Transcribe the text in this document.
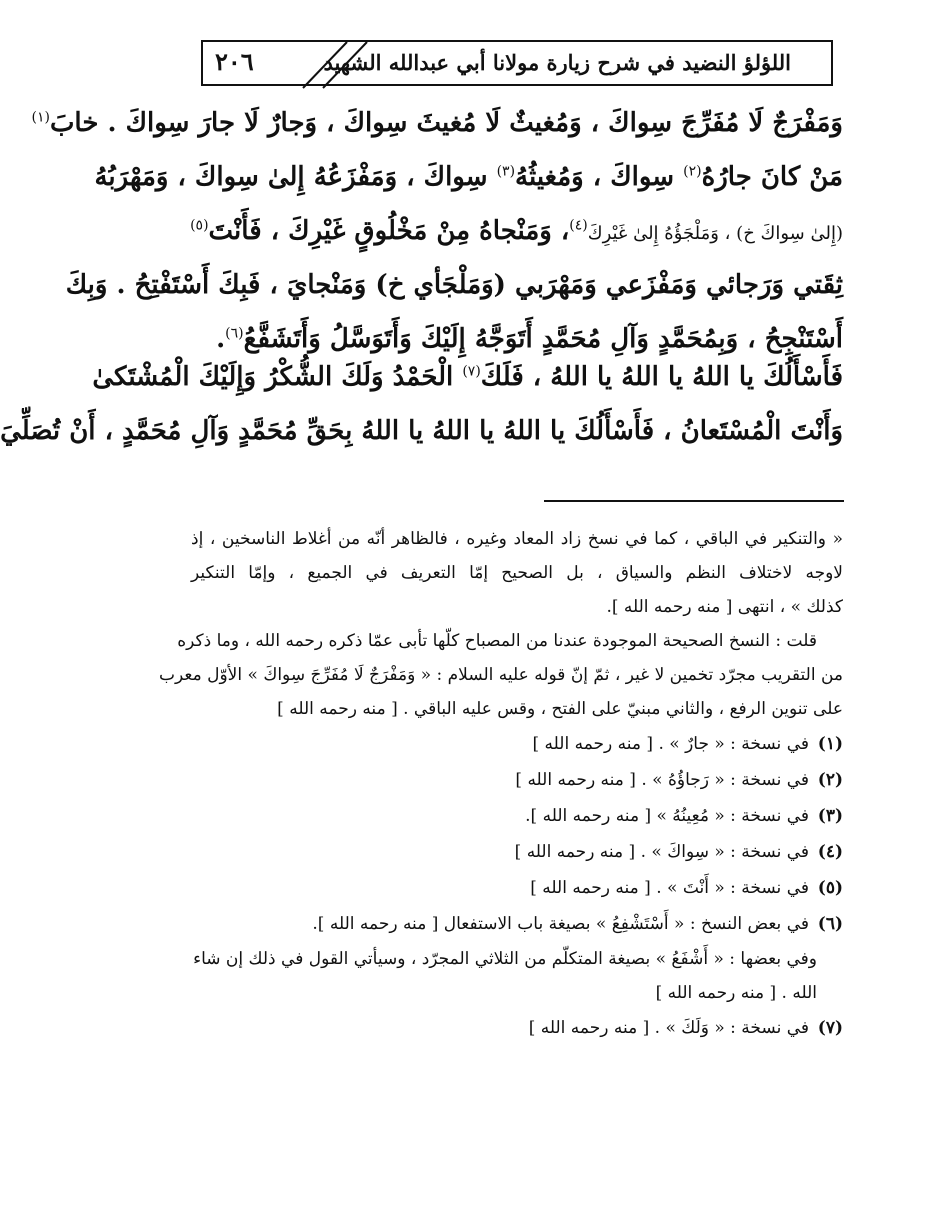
٢٠٦	اللؤلؤ النضيد في شرح زيارة مولانا أبي عبدالله الشهيد
وَمَفْرَجٌ لَا مُفَرِّجَ سِواكَ ، وَمُغيثٌ لَا مُغيثَ سِواكَ ، وَجارٌ لَا جارَ سِواكَ . خابَ$^{(١)}$
مَنْ كانَ جارُهُ$^{(٢)}$ سِواكَ ، وَمُغيثُهُ$^{(٣)}$ سِواكَ ، وَمَفْزَعُهُ إِلىٰ سِواكَ ، وَمَهْرَبُهُ
(إِلىٰ سِواكَ خ) ، وَمَلْجَؤُهُ إِلىٰ غَيْرِكَ$^{(٤)}$، وَمَنْجاهُ مِنْ مَخْلُوقٍ غَيْرِكَ ، فَأَنْتَ$^{(٥)}$
ثِقَتي وَرَجائي وَمَفْزَعي وَمَهْرَبي (وَمَلْجَأي خ) وَمَنْجايَ ، فَبِكَ أَسْتَفْتِحُ . وَبِكَ
أَسْتَنْجِحُ ، وَبِمُحَمَّدٍ وَآلِ مُحَمَّدٍ أَتَوَجَّهُ إِلَيْكَ وَأَتَوَسَّلُ وَأَتَشَفَّعُ$^{(٦)}$.
فَأَسْأَلُكَ يا اللهُ يا اللهُ يا اللهُ ، فَلَكَ$^{(٧)}$ الْحَمْدُ وَلَكَ الشُّكْرُ وَإِلَيْكَ الْمُشْتَكىٰ
وَأَنْتَ الْمُسْتَعانُ ، فَأَسْأَلُكَ يا اللهُ يا اللهُ يا اللهُ بِحَقِّ مُحَمَّدٍ وَآلِ مُحَمَّدٍ ، أَنْ تُصَلِّيَ
« والتنكير في الباقي ، كما في نسخ زاد المعاد وغيره ، فالظاهر أنّه من أغلاط الناسخين ، إذ
لاوجه لاختلاف النظم والسياق ، بل الصحيح إمّا التعريف في الجميع ، وإمّا التنكير
كذلك » ، انتهى [ منه رحمه الله ].
قلت : النسخ الصحيحة الموجودة عندنا من المصباح كلّها تأبى عمّا ذكره رحمه الله ، وما ذكره
من التقريب مجرّد تخمين لا غير ، ثمّ إنّ قوله عليه السلام : « وَمَفْرَجٌ لَا مُفَرِّجَ سِواكَ » الأوّل معرب
على تنوين الرفع ، والثاني مبنيّ على الفتح ، وقس عليه الباقي . [ منه رحمه الله ]
(١)في نسخة : « جارٌ » . [ منه رحمه الله ]
(٢)في نسخة : « رَجاؤُهُ » . [ منه رحمه الله ]
(٣)في نسخة : « مُعِينُهُ » [ منه رحمه الله ].
(٤)في نسخة : « سِواكَ » . [ منه رحمه الله ]
(٥)في نسخة : « أَنْتَ » . [ منه رحمه الله ]
(٦)في بعض النسخ : « أَسْتَشْفِعُ » بصيغة باب الاستفعال [ منه رحمه الله ].
وفي بعضها : « أَشْفَعُ » بصيغة المتكلّم من الثلاثي المجرّد ، وسيأتي القول في ذلك إن شاء
الله . [ منه رحمه الله ]
(٧)في نسخة : « وَلَكَ » . [ منه رحمه الله ]
